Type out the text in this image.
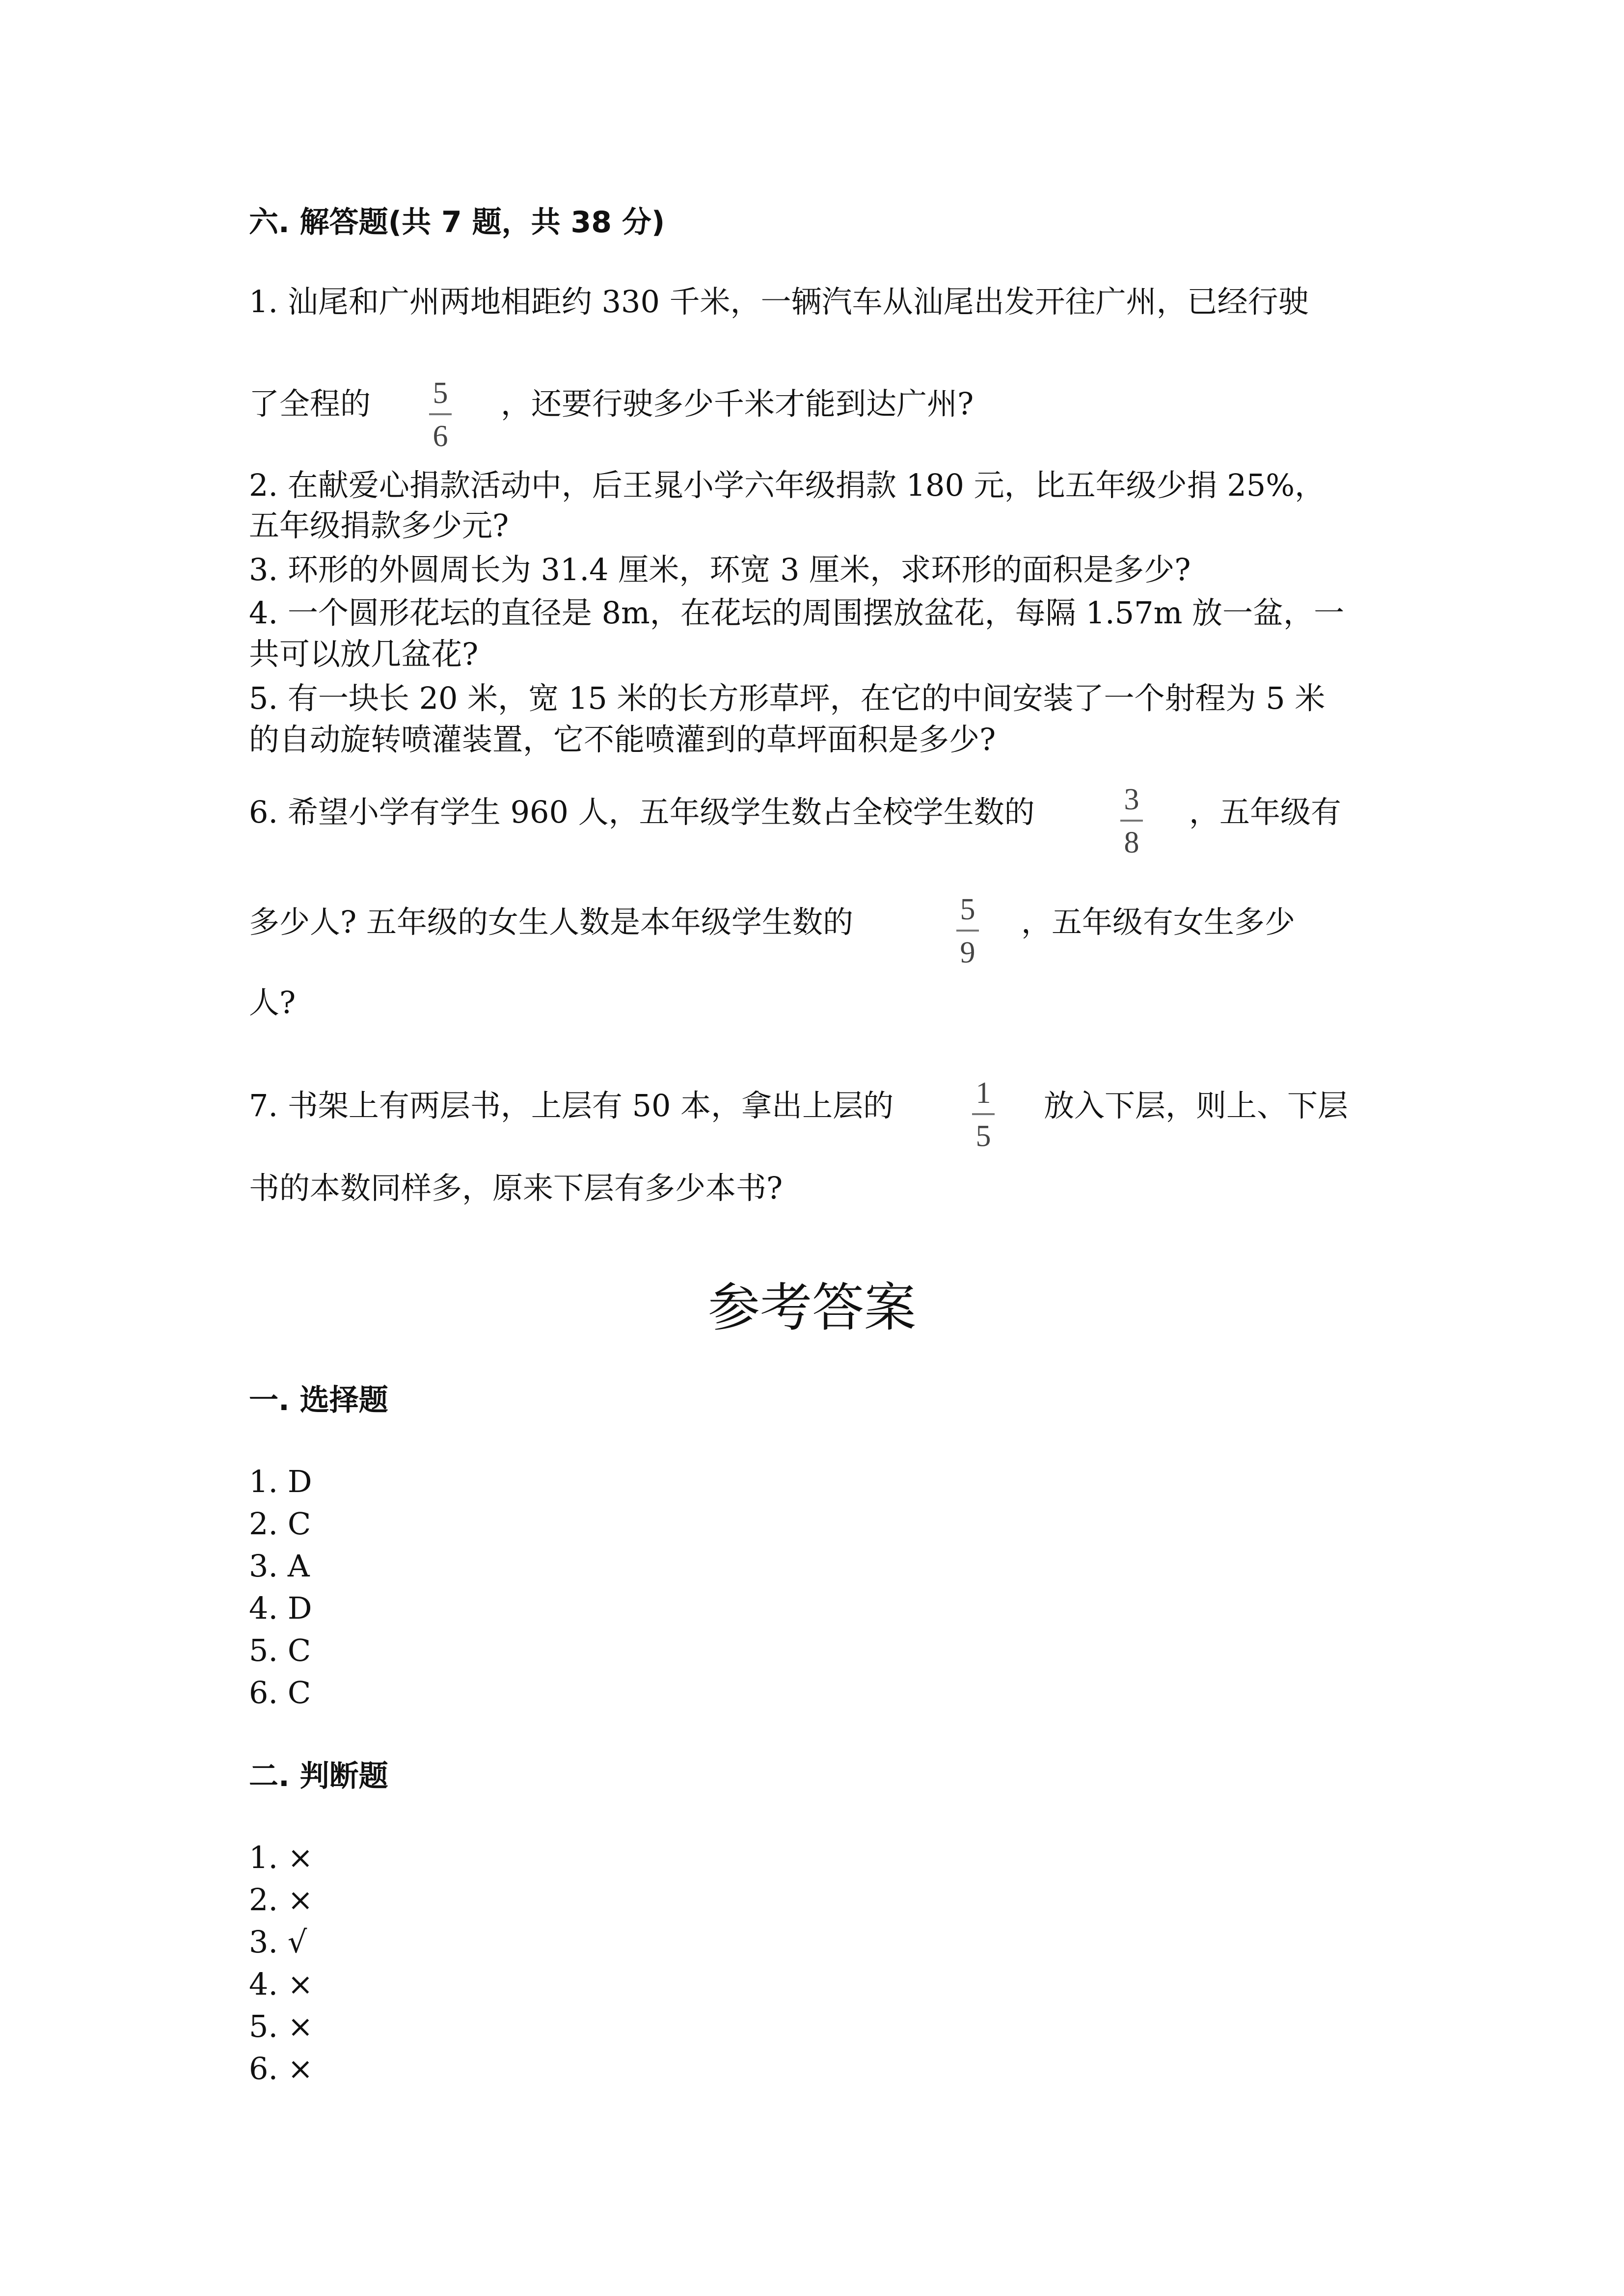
六. 解答题(共 7 题，共 38 分)

1. 汕尾和广州两地相距约 330 千米，一辆汽车从汕尾出发开往广州，已经行驶

了全程的 5
6

，还要行驶多少千米才能到达广州?

2. 在献爱心捐款活动中，后王晁小学六年级捐款 180 元，比五年级少捐 25%，

五年级捐款多少元?

3. 环形的外圆周长为 31.4 厘米，环宽 3 厘米，求环形的面积是多少?

4. 一个圆形花坛的直径是 8m，在花坛的周围摆放盆花，每隔 1.57m 放一盆，一

共可以放几盆花?

5. 有一块长 20 米，宽 15 米的长方形草坪，在它的中间安装了一个射程为 5 米

的自动旋转喷灌装置，它不能喷灌到的草坪面积是多少?

6. 希望小学有学生 960 人，五年级学生数占全校学生数的	3
8

，五年级有

多少人? 五年级的女生人数是本年级学生数的	5
9

，五年级有女生多少

人?

7. 书架上有两层书，上层有 50 本，拿出上层的	1
5

放入下层，则上、下层

书的本数同样多，原来下层有多少本书?

参考答案

一. 选择题

1. D
2. C
3. A
4. D
5. C
6. C

二. 判断题

1. ×
2. ×
3. √
4. ×
5. ×
6. ×
